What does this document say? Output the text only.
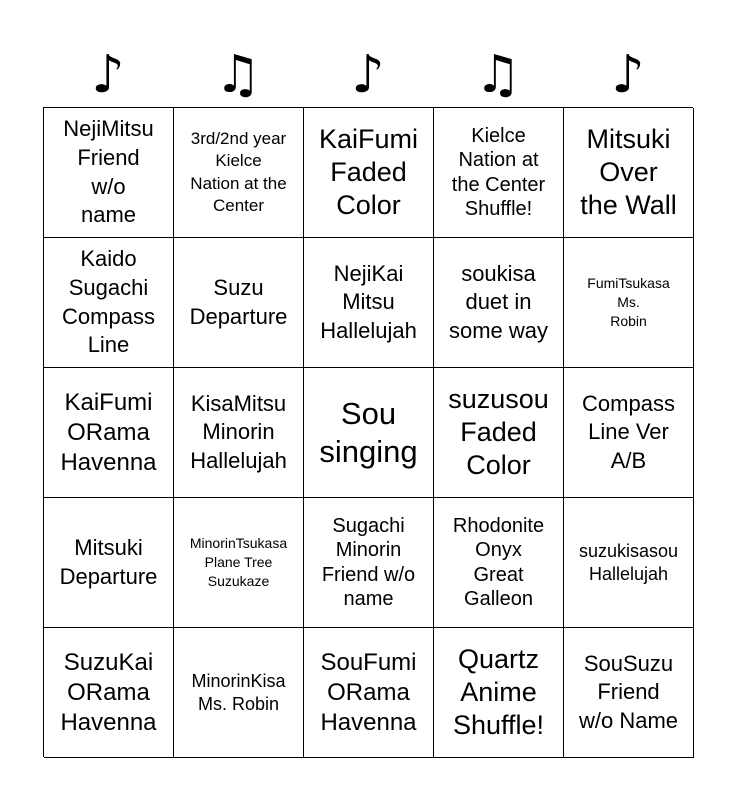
♪	♫	♪	♫	♪
NejiMitsu
Friend
w/o
name
3rd/2nd year
Kielce
Nation at the
Center
KaiFumi
Faded
Color
Kielce
Nation at
the Center
Shuffle!
Mitsuki
Over
the Wall
Kaido
Sugachi
Compass
Line
Suzu
Departure
NejiKai
Mitsu
Hallelujah
soukisa
duet in
some way
FumiTsukasa
Ms.
Robin
KaiFumi
ORama
Havenna
KisaMitsu
Minorin
Hallelujah
Sou
singing
suzusou
Faded
Color
Compass
Line Ver
A/B
Mitsuki
Departure
MinorinTsukasa
Plane Tree
Suzukaze
Sugachi
Minorin
Friend w/o
name
Rhodonite
Onyx
Great
Galleon
suzukisasou
Hallelujah
SuzuKai
ORama
Havenna
MinorinKisa
Ms. Robin
SouFumi
ORama
Havenna
Quartz
Anime
Shuffle!
SouSuzu
Friend
w/o Name
